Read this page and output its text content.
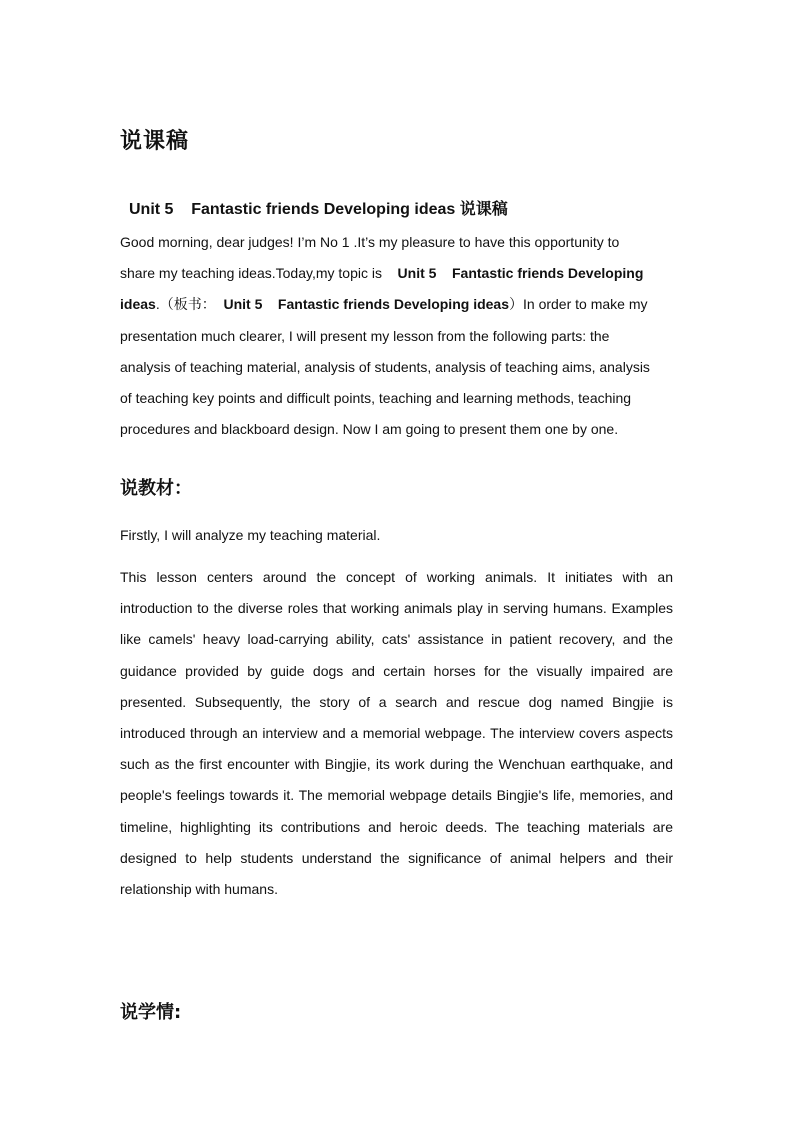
说课稿
Unit 5    Fantastic friends Developing ideas 说课稿
Good morning, dear judges! I’m No 1 .It’s my pleasure to have this opportunity to
share my teaching ideas.Today,my topic is    Unit 5    Fantastic friends Developing
ideas.（板书：  Unit 5    Fantastic friends Developing ideas）In order to make my
presentation much clearer, I will present my lesson from the following parts: the
analysis of teaching material, analysis of students, analysis of teaching aims, analysis
of teaching key points and difficult points, teaching and learning methods, teaching
procedures and blackboard design. Now I am going to present them one by one.
说教材：

Firstly, I will analyze my teaching material.

This lesson centers around the concept of working animals. It initiates with an introduction to the diverse roles that working animals play in serving humans. Examples like camels' heavy load-carrying ability, cats' assistance in patient recovery, and the guidance provided by guide dogs and certain horses for the visually impaired are presented. Subsequently, the story of a search and rescue dog named Bingjie is introduced through an interview and a memorial webpage. The interview covers aspects such as the first encounter with Bingjie, its work during the Wenchuan earthquake, and people's feelings towards it. The memorial webpage details Bingjie's life, memories, and timeline, highlighting its contributions and heroic deeds. The teaching materials are designed to help students understand the significance of animal helpers and their relationship with humans.

说学情:
